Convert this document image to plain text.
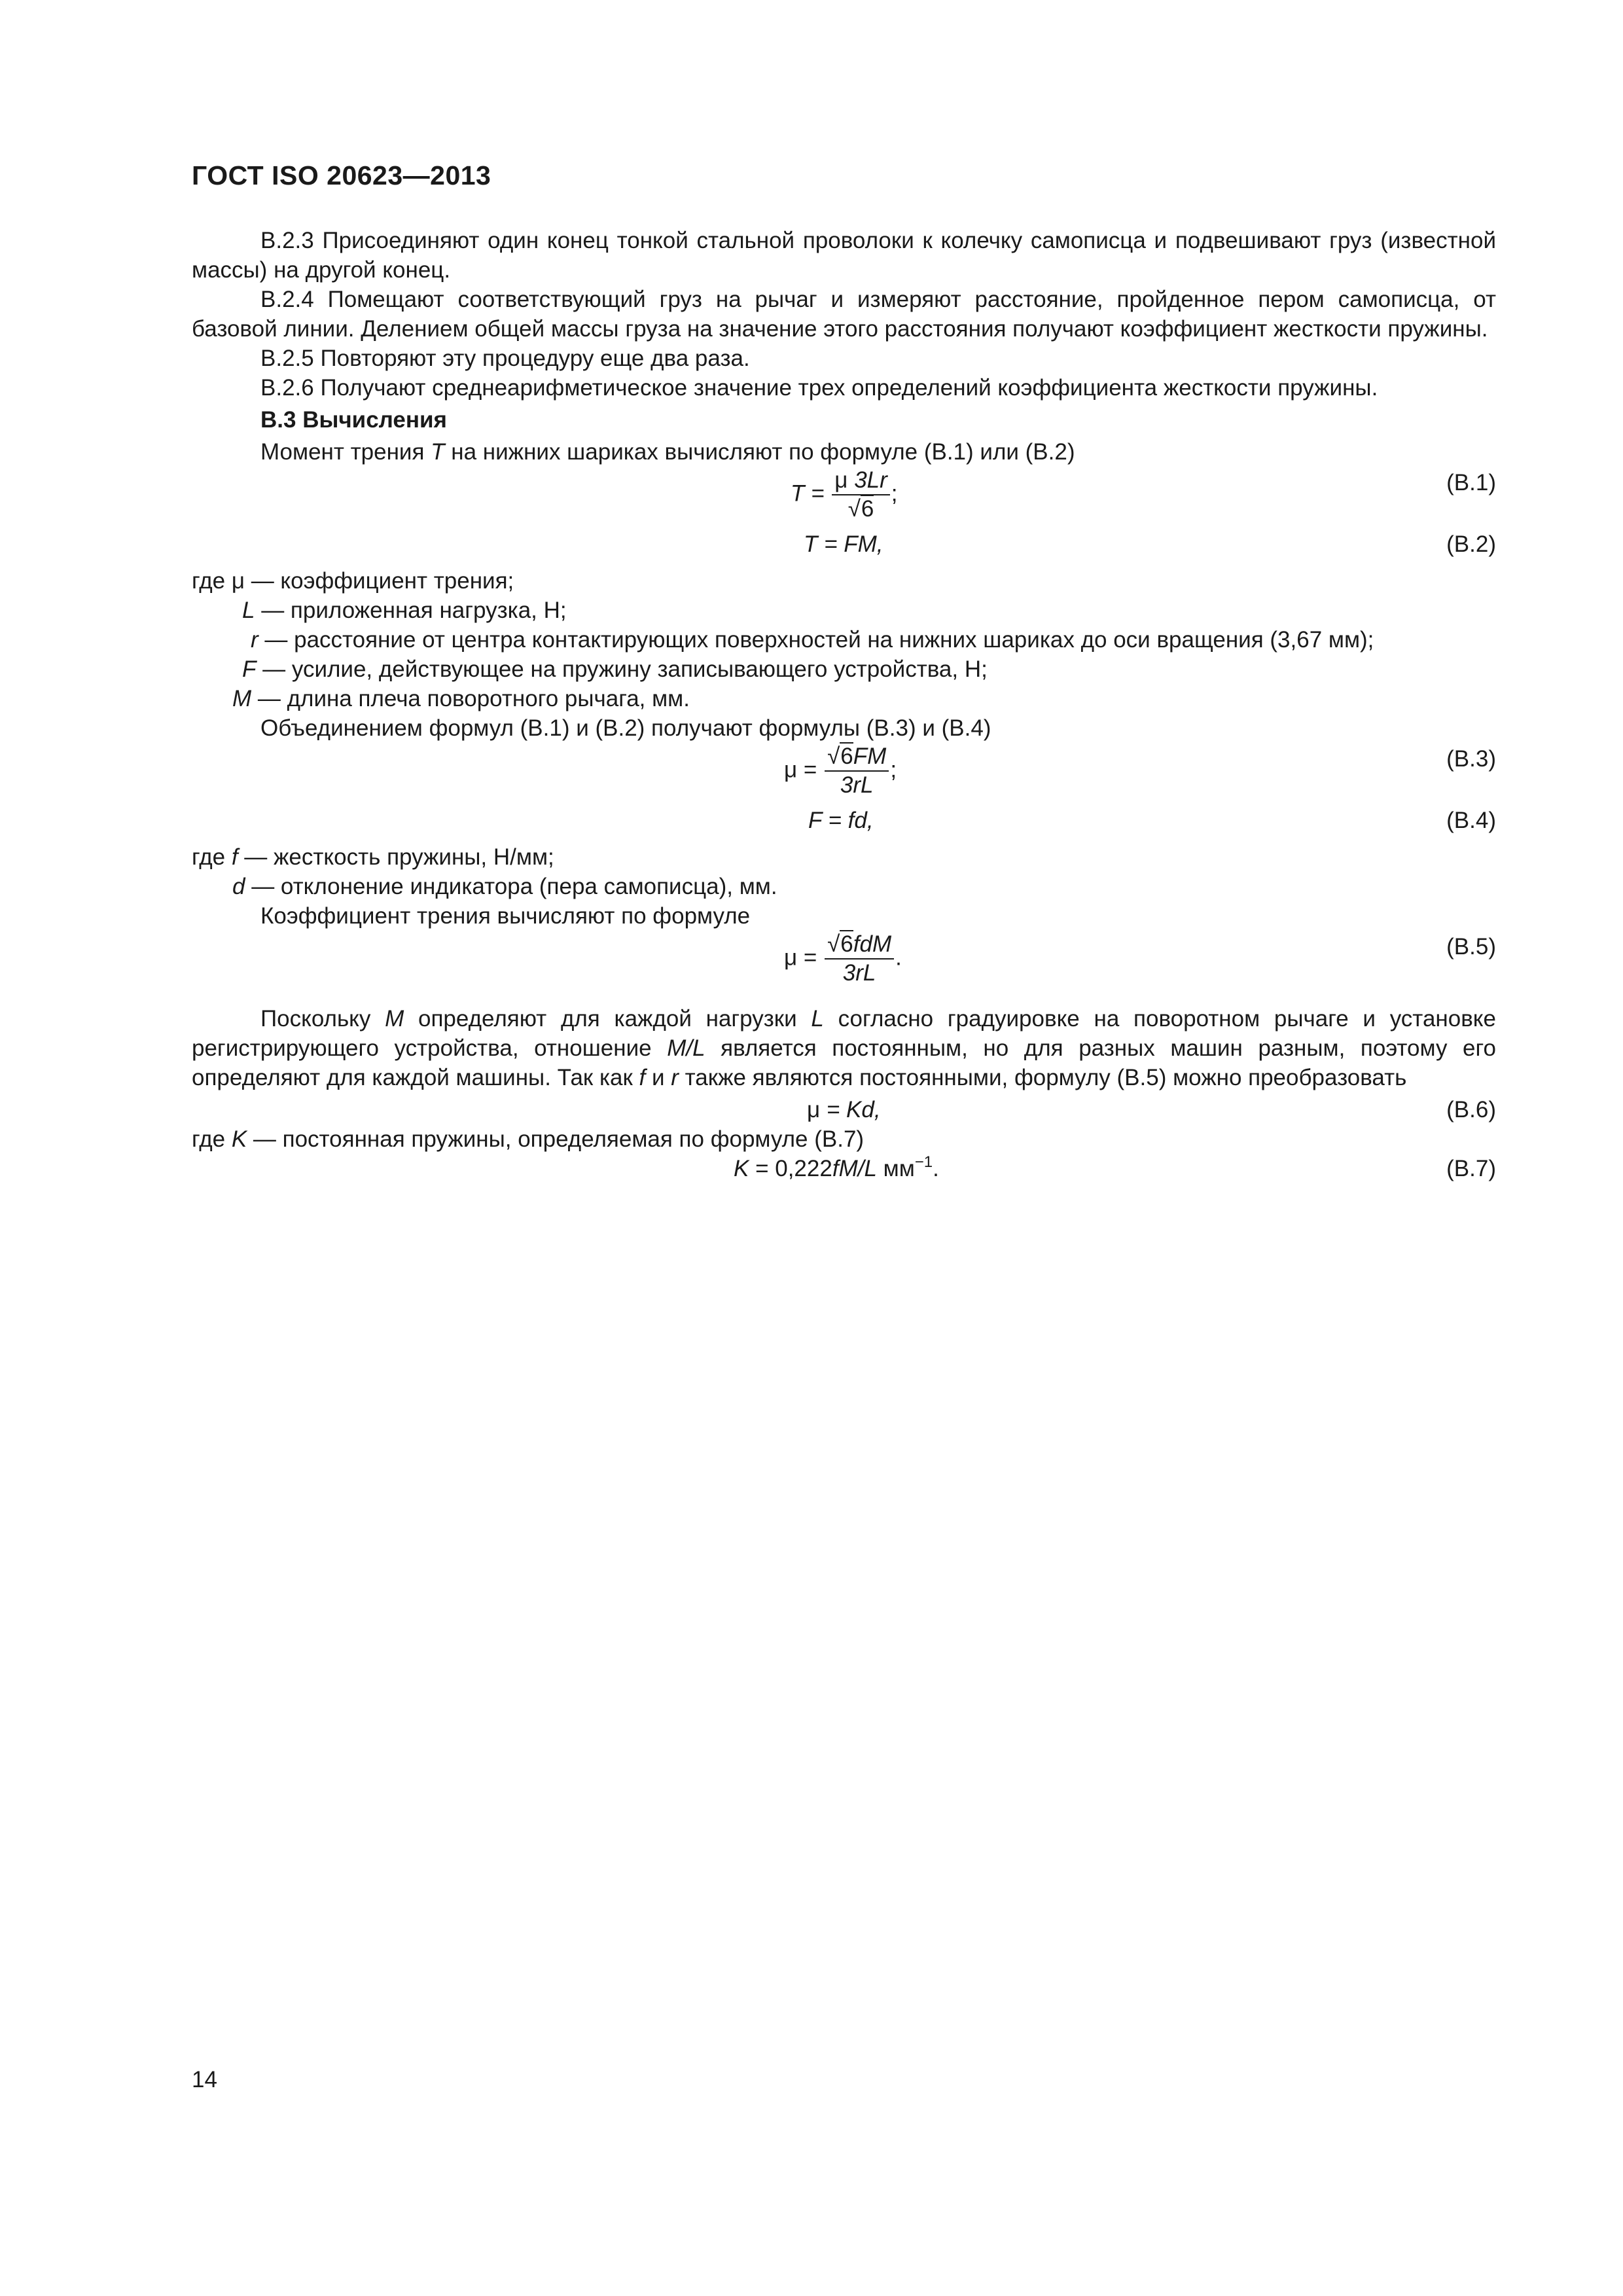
ГОСТ ISO 20623—2013

В.2.3 Присоединяют один конец тонкой стальной проволоки к колечку самописца и подвешивают груз (известной массы) на другой конец.

В.2.4 Помещают соответствующий груз на рычаг и измеряют расстояние, пройденное пером самописца, от базовой линии. Делением общей массы груза на значение этого расстояния получают коэффициент жесткости пружины.

В.2.5 Повторяют эту процедуру еще два раза.

В.2.6 Получают среднеарифметическое значение трех определений коэффициента жесткости пружины.

В.3 Вычисления

Момент трения T на нижних шариках вычисляют по формуле (В.1) или (В.2)

$T = \frac{\mu 3Lr}{√6}$ ;	(В.1)
T = FM,	(В.2)
где μ — коэффициент трения;
L — приложенная нагрузка, Н;
r — расстояние от центра контактирующих поверхностей на нижних шариках до оси вращения (3,67 мм);
F — усилие, действующее на пружину записывающего устройства, Н;
M — длина плеча поворотного рычага, мм.

Объединением формул (В.1) и (В.2) получают формулы (В.3) и (В.4)

$\mu = \frac{√6FM}{3rL}$ ;	(В.3)
F = fd,	(В.4)
где f — жесткость пружины, Н/мм;
d — отклонение индикатора (пера самописца), мм.

Коэффициент трения вычисляют по формуле

$\mu = \frac{\text{√6fdM}}{3rL}$ .	(В.5)

Поскольку M определяют для каждой нагрузки L согласно градуировке на поворотном рычаге и установке регистрирующего устройства, отношение M/L является постоянным, но для разных машин разным, поэтому его определяют для каждой машины. Так как f и r также являются постоянными, формулу (В.5) можно преобразовать

μ = Kd,	(В.6)
где K — постоянная пружины, определяемая по формуле (В.7)
K = 0,222fM/L $мм^{-1}$.	(В.7)
14
